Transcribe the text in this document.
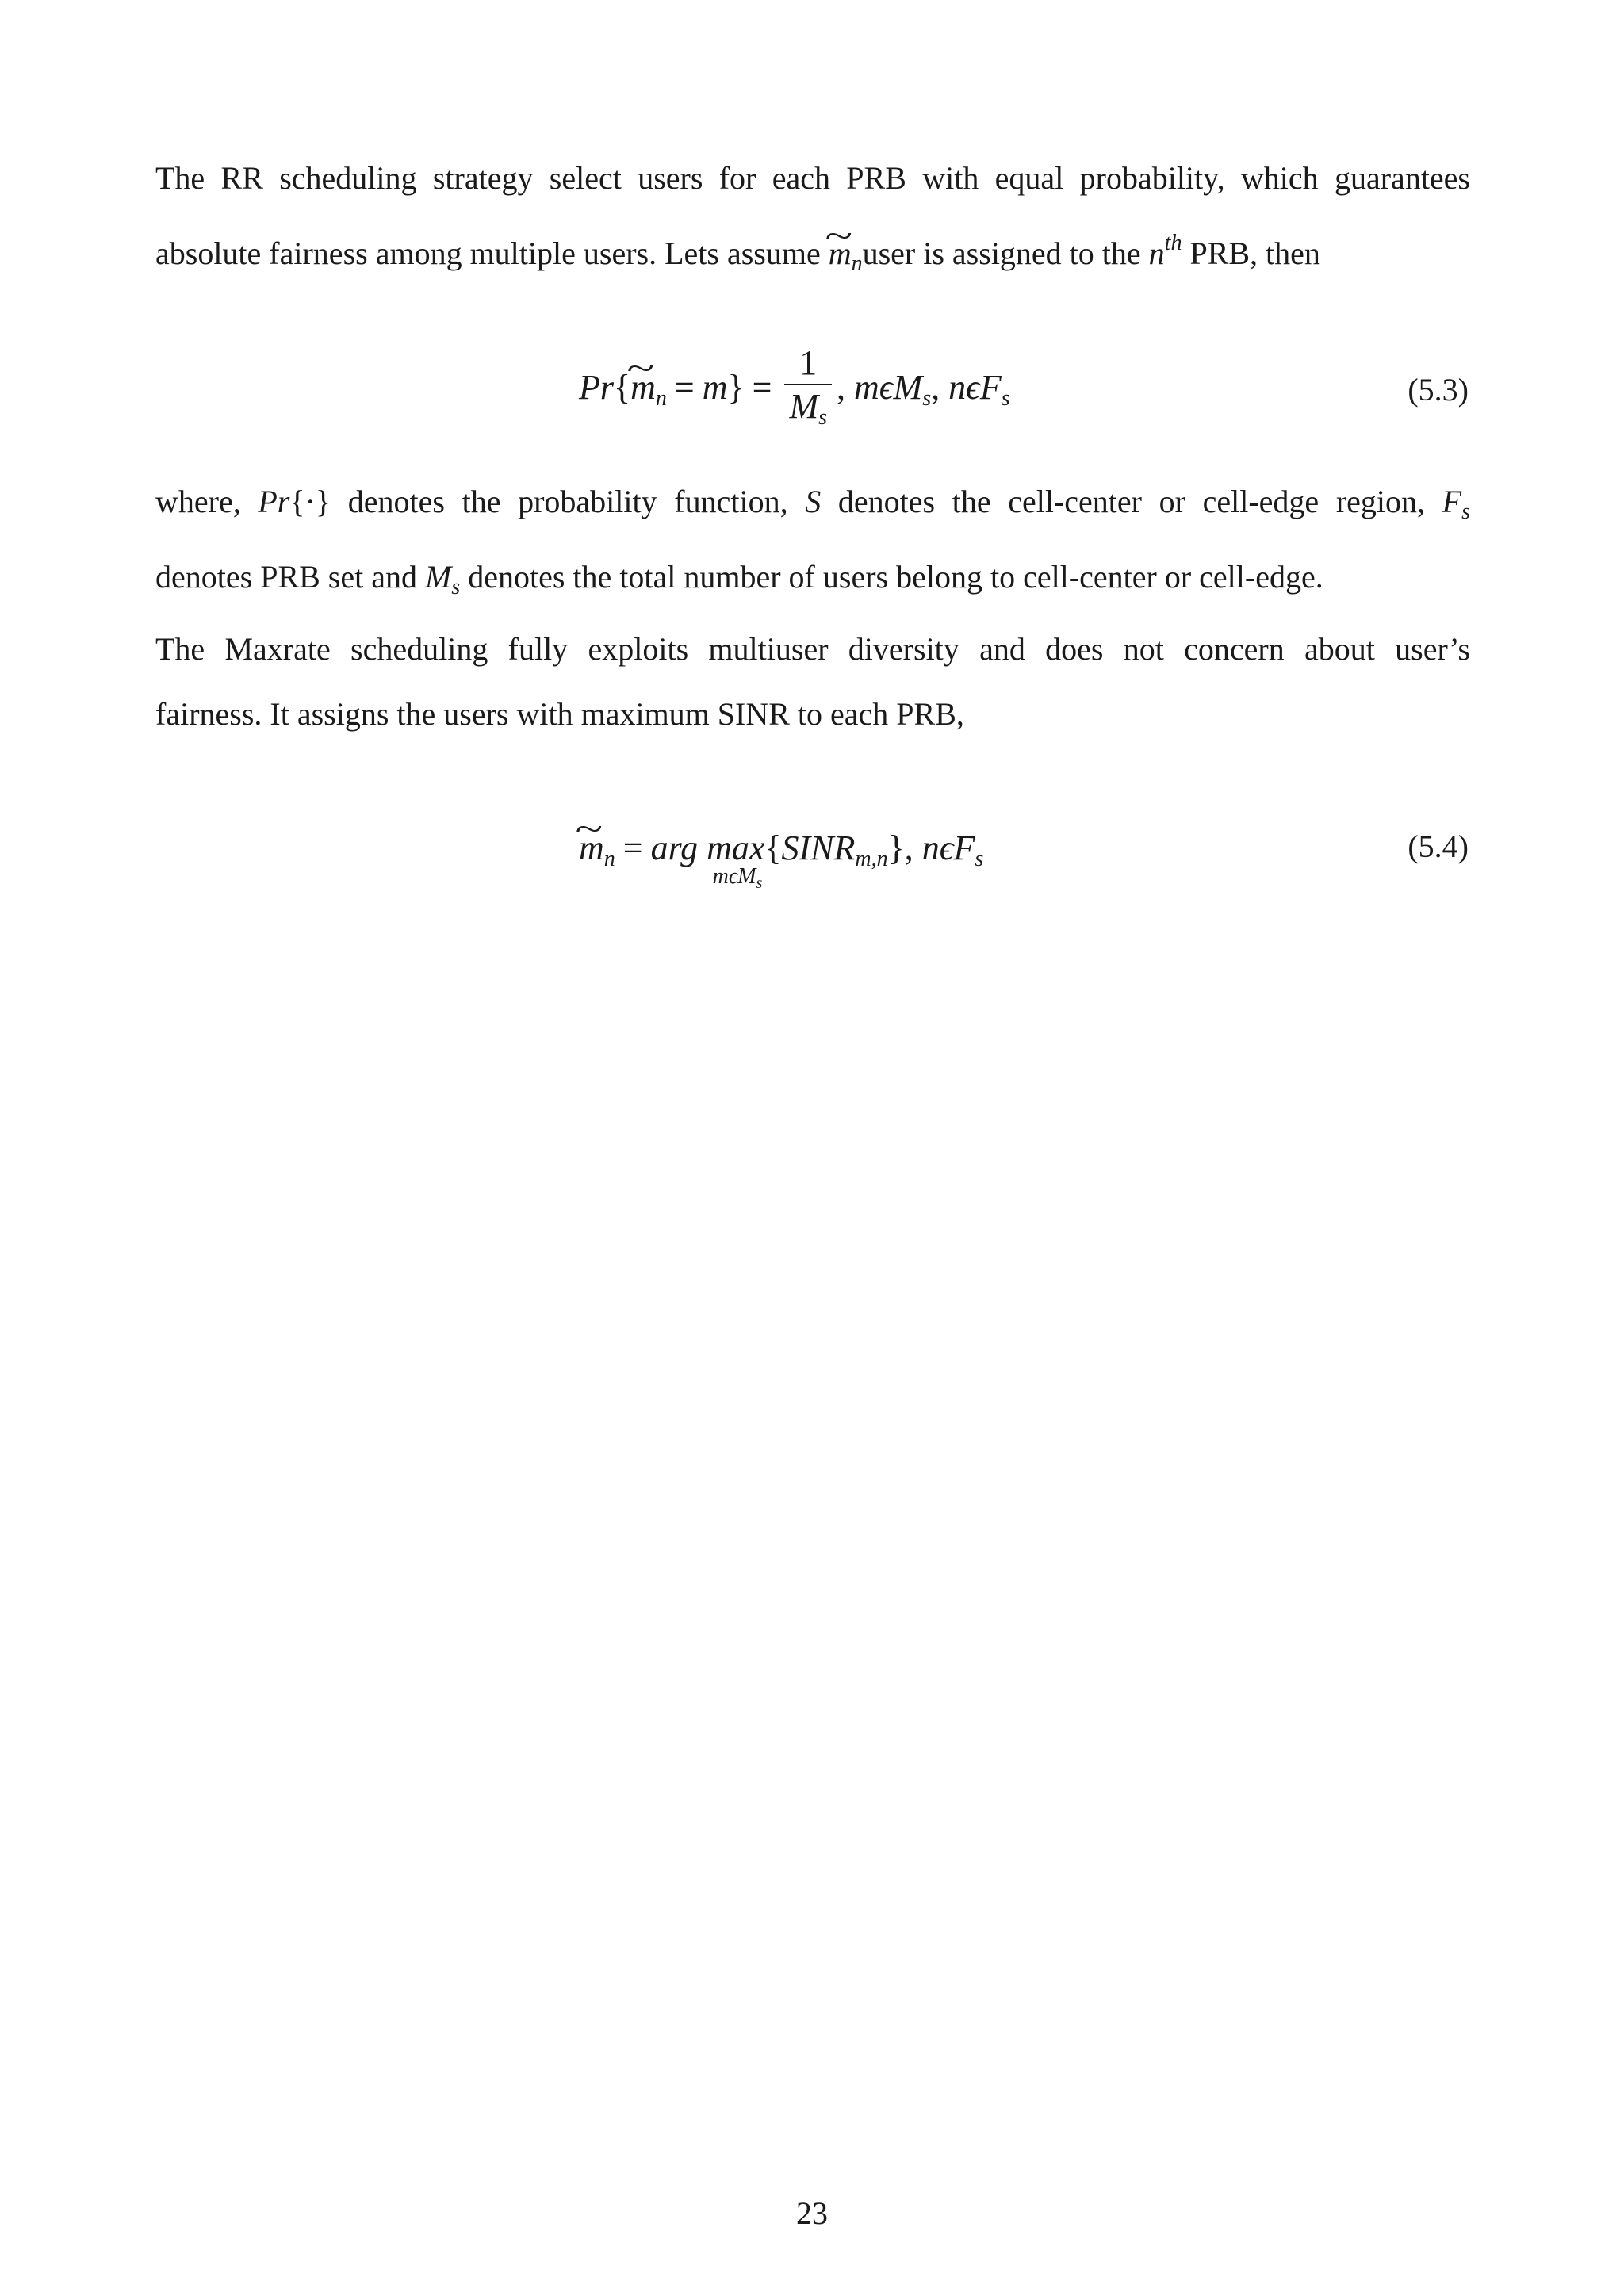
The RR scheduling strategy select users for each PRB with equal probability, which guarantees
absolute fairness among multiple users. Lets assume ~ $m_nuser$ is assigned to the $n^{th}$ PRB, then
Pr{~ $m_n = m\} = \frac{1}{M_s}$ , mϵM$_s$, nϵF$_s$	(5.3)
where, Pr{·} denotes the probability function, S denotes the cell-center or cell-edge region, $F_s$
denotes PRB set and $M_s$ denotes the total number of users belong to cell-center or cell-edge.
The Maxrate scheduling fully exploits multiuser diversity and does not concern about user’s
fairness. It assigns the users with maximum SINR to each PRB,
~ $m_n$ = arg max
mϵM$_s$
$\{SINR_{m,n}\}$, nϵF$_s$	(5.4)
23
